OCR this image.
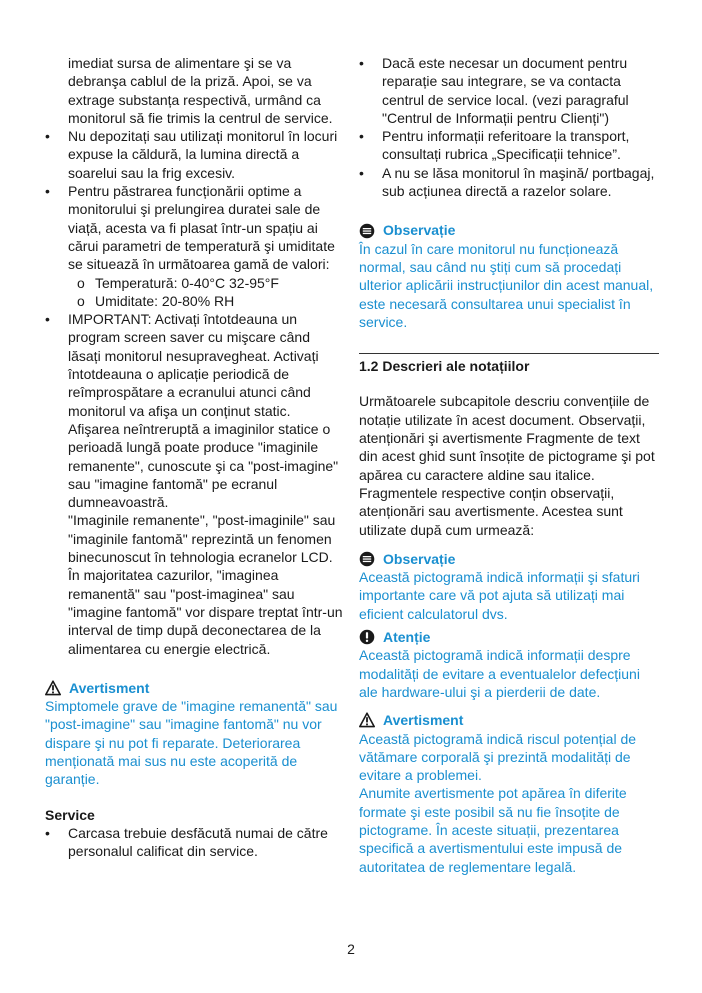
imediat sursa de alimentare şi se va debranşa cablul de la priză. Apoi, se va extrage substanța respectivă, urmând ca monitorul să fie trimis la centrul de service.

• Nu depozitați sau utilizați monitorul în locuri expuse la căldură, la lumina directă a soarelui sau la frig excesiv.

• Pentru păstrarea funcționării optime a monitorului şi prelungirea duratei sale de viață, acesta va fi plasat într-un spațiu ai cărui parametri de temperatură şi umiditate se situează în următoarea gamă de valori:

o Temperatură: 0-40°C 32-95°F

o Umiditate: 20-80% RH

• IMPORTANT: Activați întotdeauna un program screen saver cu mişcare când lăsați monitorul nesupravegheat. Activați întotdeauna o aplicație periodică de reîmprospătare a ecranului atunci când monitorul va afişa un conținut static. Afişarea neîntreruptă a imaginilor statice o perioadă lungă poate produce "imaginile remanente", cunoscute şi ca "post-imagine" sau "imagine fantomă" pe ecranul dumneavoastră.

"Imaginile remanente", "post-imaginile" sau "imaginile fantomă" reprezintă un fenomen binecunoscut în tehnologia ecranelor LCD. În majoritatea cazurilor, "imaginea remanentă" sau "post-imaginea" sau "imagine fantomă" vor dispare treptat într-un interval de timp după deconectarea de la alimentarea cu energie electrică.

Avertisment

Simptomele grave de "imagine remanentă" sau "post-imagine" sau "imagine fantomă" nu vor dispare şi nu pot fi reparate. Deteriorarea menționată mai sus nu este acoperită de garanție.

Service

• Carcasa trebuie desfăcută numai de către personalul calificat din service.

• Dacă este necesar un document pentru reparație sau integrare, se va contacta centrul de service local. (vezi paragraful "Centrul de Informații pentru Clienți")

• Pentru informații referitoare la transport, consultați rubrica „Specificații tehnice”.

• A nu se lăsa monitorul în maşină/ portbagaj, sub acțiunea directă a razelor solare.

Observație

În cazul în care monitorul nu funcționează normal, sau când nu ştiți cum să procedați ulterior aplicării instrucțiunilor din acest manual, este necesară consultarea unui specialist în service.

1.2 Descrieri ale notațiilor

Următoarele subcapitole descriu convențiile de notație utilizate în acest document. Observații, atenționări şi avertismente Fragmente de text din acest ghid sunt însoțite de pictograme şi pot apărea cu caractere aldine sau italice. Fragmentele respective conțin observații, atenționări sau avertismente. Acestea sunt utilizate după cum urmează:

Observație

Această pictogramă indică informații şi sfaturi importante care vă pot ajuta să utilizați mai eficient calculatorul dvs.

Atenție

Această pictogramă indică informații despre modalități de evitare a eventualelor defecțiuni ale hardware-ului şi a pierderii de date.

Avertisment

Această pictogramă indică riscul potențial de vătămare corporală şi prezintă modalități de evitare a problemei.

Anumite avertismente pot apărea în diferite formate şi este posibil să nu fie însoțite de pictograme. În aceste situații, prezentarea specifică a avertismentului este impusă de autoritatea de reglementare legală.

2
